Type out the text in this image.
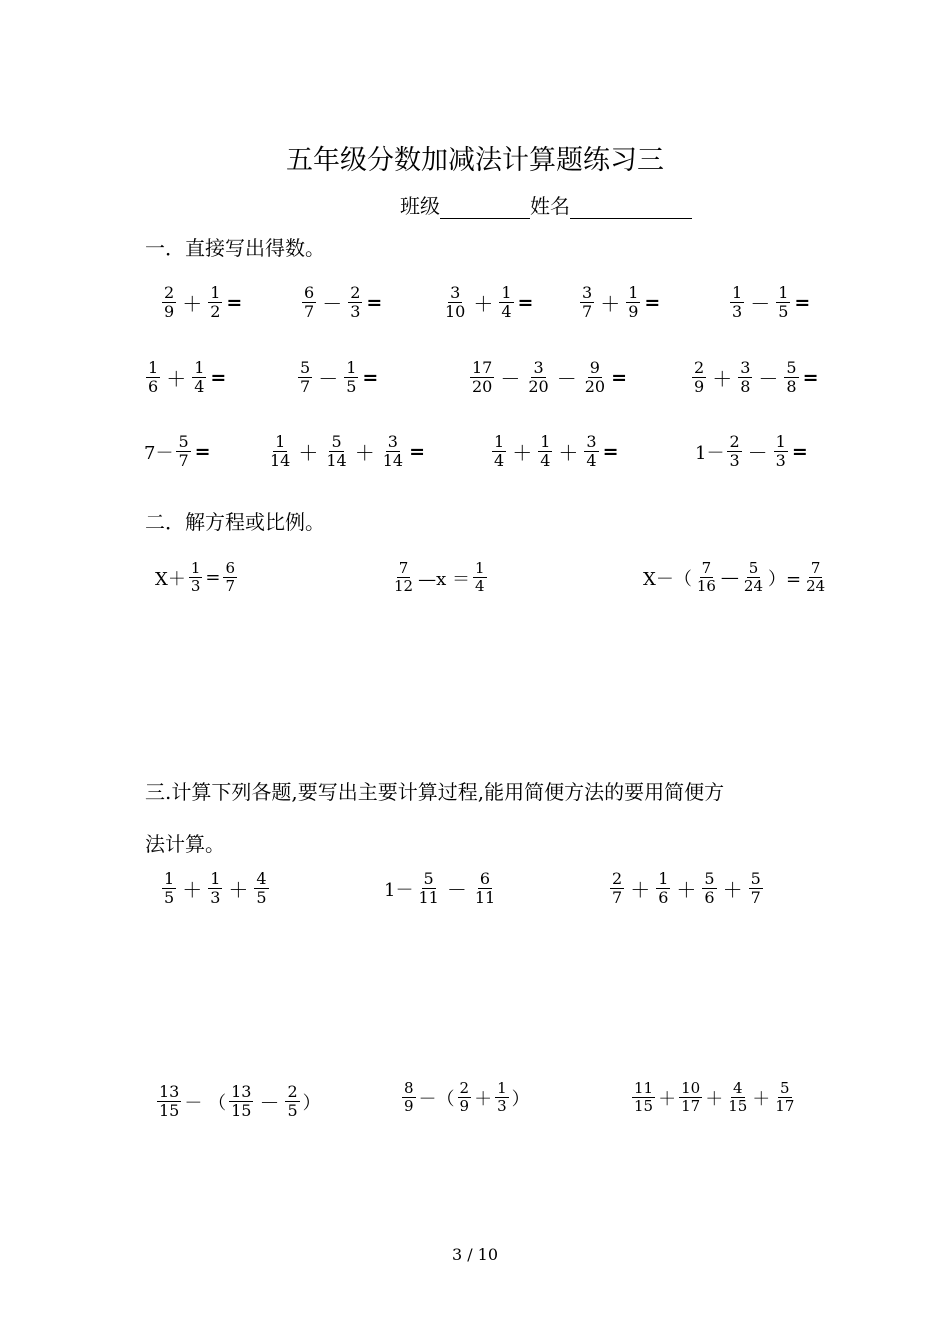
五年级分数加减法计算题练习三
班级	姓名
一．直接写出得数。
$\frac{2}{9} + \frac{1}{2}$ =	$\frac{6}{7} - \frac{2}{3}$ =	$\frac{3}{10} + \frac{1}{4}$ =	$\frac{3}{7} + \frac{1}{9}$ =	$\frac{1}{3} - \frac{1}{5}$ =
$\frac{1}{6} + \frac{1}{4}$ =	$\frac{5}{7} - \frac{1}{5}$ =	$\frac{17}{20} - \frac{3}{20} - \frac{9}{20}$ =	$\frac{2}{9} + \frac{3}{8} - \frac{5}{8}$ =
$7- \frac{5}{7}$ =	$\frac{1}{14} + \frac{5}{14} + \frac{3}{14}$ =	$\frac{1}{4} + \frac{1}{4} + \frac{3}{4}$ =	$1- \frac{2}{3} - \frac{1}{3}$ =
二．解方程或比例。
$X+ \frac{1}{3} = \frac{6}{7}$	$\frac{7}{12}$ —x ＝ $\frac{1}{4}$	$X-( \frac{7}{16}$ — $\frac{5}{24}$ ）= $\frac{7}{24}$
三.计算下列各题,要写出主要计算过程,能用简便方法的要用简便方
法计算。
$\frac{1}{5} + \frac{1}{3} + \frac{4}{5}$	$1- \frac{5}{11} - \frac{6}{11}$	$\frac{2}{7} + \frac{1}{6} + \frac{5}{6} + \frac{5}{7}$
$\frac{13}{15}$ － （ $\frac{13}{15} - \frac{2}{5}$ ）	$\frac{8}{9}$ －（ $\frac{2}{9} + \frac{1}{3}$ ）	$\frac{11}{15} + \frac{10}{17} + \frac{4}{15} + \frac{5}{17}$
3 / 10
